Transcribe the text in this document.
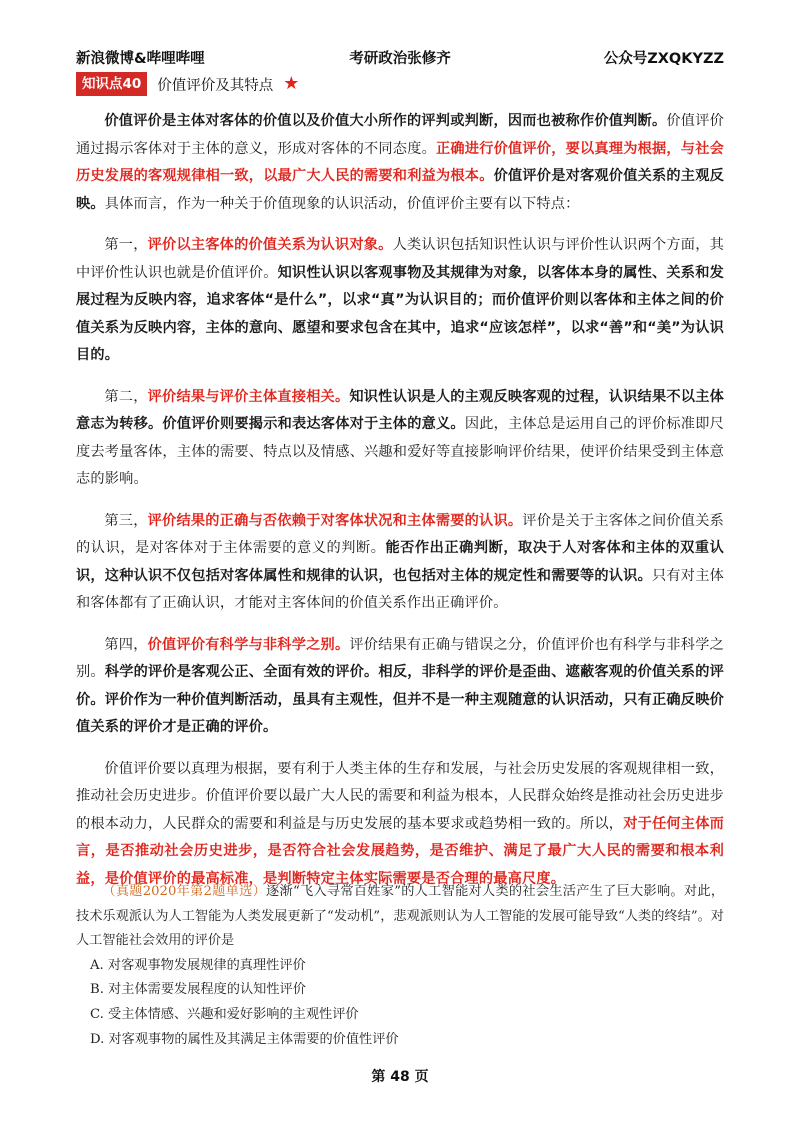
新浪微博&哔哩哔哩	考研政治张修齐	公众号ZXQKYZZ
知识点40	价值评价及其特点 ★

价值评价是主体对客体的价值以及价值大小所作的评判或判断，因而也被称作价值判断。价值评价通过揭示客体对于主体的意义，形成对客体的不同态度。正确进行价值评价，要以真理为根据，与社会历史发展的客观规律相一致，以最广大人民的需要和利益为根本。价值评价是对客观价值关系的主观反映。具体而言，作为一种关于价值现象的认识活动，价值评价主要有以下特点：

第一，评价以主客体的价值关系为认识对象。人类认识包括知识性认识与评价性认识两个方面，其中评价性认识也就是价值评价。知识性认识以客观事物及其规律为对象，以客体本身的属性、关系和发展过程为反映内容，追求客体“是什么”，以求“真”为认识目的；而价值评价则以客体和主体之间的价值关系为反映内容，主体的意向、愿望和要求包含在其中，追求“应该怎样”，以求“善”和“美”为认识目的。

第二，评价结果与评价主体直接相关。知识性认识是人的主观反映客观的过程，认识结果不以主体意志为转移。价值评价则要揭示和表达客体对于主体的意义。因此，主体总是运用自己的评价标准即尺度去考量客体，主体的需要、特点以及情感、兴趣和爱好等直接影响评价结果，使评价结果受到主体意志的影响。

第三，评价结果的正确与否依赖于对客体状况和主体需要的认识。评价是关于主客体之间价值关系的认识，是对客体对于主体需要的意义的判断。能否作出正确判断，取决于人对客体和主体的双重认识，这种认识不仅包括对客体属性和规律的认识，也包括对主体的规定性和需要等的认识。只有对主体和客体都有了正确认识，才能对主客体间的价值关系作出正确评价。

第四，价值评价有科学与非科学之别。评价结果有正确与错误之分，价值评价也有科学与非科学之别。科学的评价是客观公正、全面有效的评价。相反，非科学的评价是歪曲、遮蔽客观的价值关系的评价。评价作为一种价值判断活动，虽具有主观性，但并不是一种主观随意的认识活动，只有正确反映价值关系的评价才是正确的评价。

价值评价要以真理为根据，要有利于人类主体的生存和发展，与社会历史发展的客观规律相一致，推动社会历史进步。价值评价要以最广大人民的需要和利益为根本，人民群众始终是推动社会历史进步的根本动力，人民群众的需要和利益是与历史发展的基本要求或趋势相一致的。所以，对于任何主体而言，是否推动社会历史进步，是否符合社会发展趋势，是否维护、满足了最广大人民的需要和根本利益，是价值评价的最高标准，是判断特定主体实际需要是否合理的最高尺度。

（真题2020年第2题单选）逐渐“飞入寻常百姓家”的人工智能对人类的社会生活产生了巨大影响。对此，技术乐观派认为人工智能为人类发展更新了“发动机”，悲观派则认为人工智能的发展可能导致“人类的终结”。对人工智能社会效用的评价是

A. 对客观事物发展规律的真理性评价

B. 对主体需要发展程度的认知性评价

C. 受主体情感、兴趣和爱好影响的主观性评价

D. 对客观事物的属性及其满足主体需要的价值性评价

第 48 页
